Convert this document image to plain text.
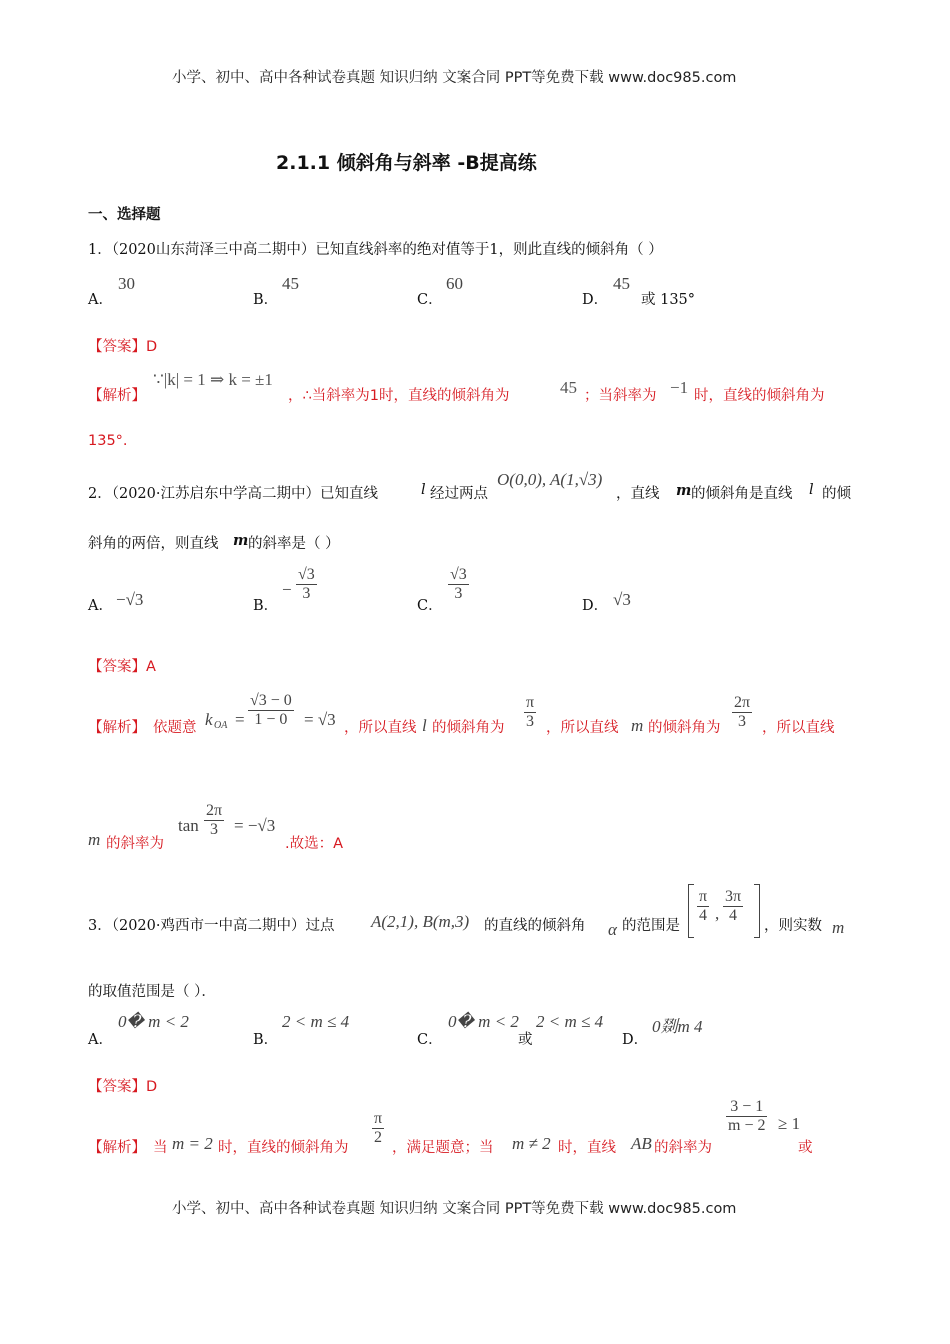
小学、初中、高中各种试卷真题 知识归纳 文案合同 PPT等免费下载 www.doc985.com
2.1.1 倾斜角与斜率 -B提高练
一、选择题
1．（2020山东菏泽三中高二期中）已知直线斜率的绝对值等于1，则此直线的倾斜角（ ）
A．
30
B．
45
C．
60
D．
45
或 135°
【答案】D
【解析】
∵|k| = 1 ⇒ k = ±1
，∴当斜率为1时，直线的倾斜角为	45 ；当斜率为 −1 时，直线的倾斜角为
135°.
2．（2020·江苏启东中学高二期中）已知直线	l 经过两点
O(0,0), A(1,√3)
，直线 m 的倾斜角是直线 l 的倾
斜角的两倍，则直线 m 的斜率是（ ）
A． −√3	B．
− $\frac{√3}{3}$
C．
$\frac{√3}{3}$
D． √3
【答案】A
【解析】 依题意 k OA = $\frac{√3 - 0}{1 - 0} = √3$ ，所以直线 l 的倾斜角为 $\frac{\pi}{3}$ ，所以直线 m 的倾斜角为 $\frac{2\pi}{3}$ ，所以直线
m 的斜率为
$\tan \frac{2\pi}{3} = -√3$
.故选：A
3．（2020·鸡西市一中高二期中）过点 A(2,1), B(m,3) 的直线的倾斜角 α 的范围是
$\frac{\pi}{4}$ , $\frac{3\pi}{4}$
，则实数 m
的取值范围是（ ）．
A．
0� m < 2
B．
2 < m ≤ 4
C．
0� m < 2
或
2 < m ≤ 4
D．
0剟m 4
【答案】D
【解析】 当 m = 2 时，直线的倾斜角为
$\frac{\pi}{2}$
，满足题意；当 m ≠ 2 时，直线 AB 的斜率为
$\frac{3 - 1}{m - 2} \ge 1$
或
小学、初中、高中各种试卷真题 知识归纳 文案合同 PPT等免费下载 www.doc985.com
